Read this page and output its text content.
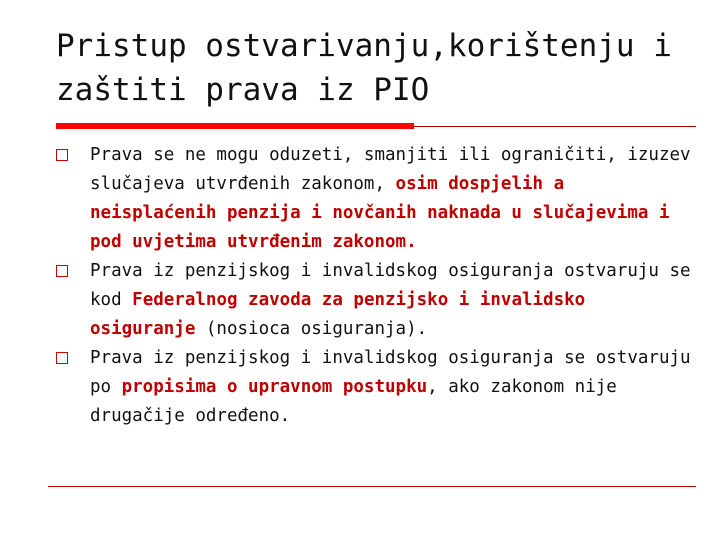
Pristup ostvarivanju,korištenju i
zaštiti prava iz PIO
Prava se ne mogu oduzeti, smanjiti ili ograničiti, izuzev slučajeva utvrđenih zakonom, osim dospjelih a neisplaćenih penzija i novčanih naknada u slučajevima i pod uvjetima utvrđenim zakonom.
Prava iz penzijskog i invalidskog osiguranja ostvaruju se kod Federalnog zavoda za penzijsko i invalidsko osiguranje (nosioca osiguranja).
Prava iz penzijskog i invalidskog osiguranja se ostvaruju po propisima o upravnom postupku, ako zakonom nije drugačije određeno.
